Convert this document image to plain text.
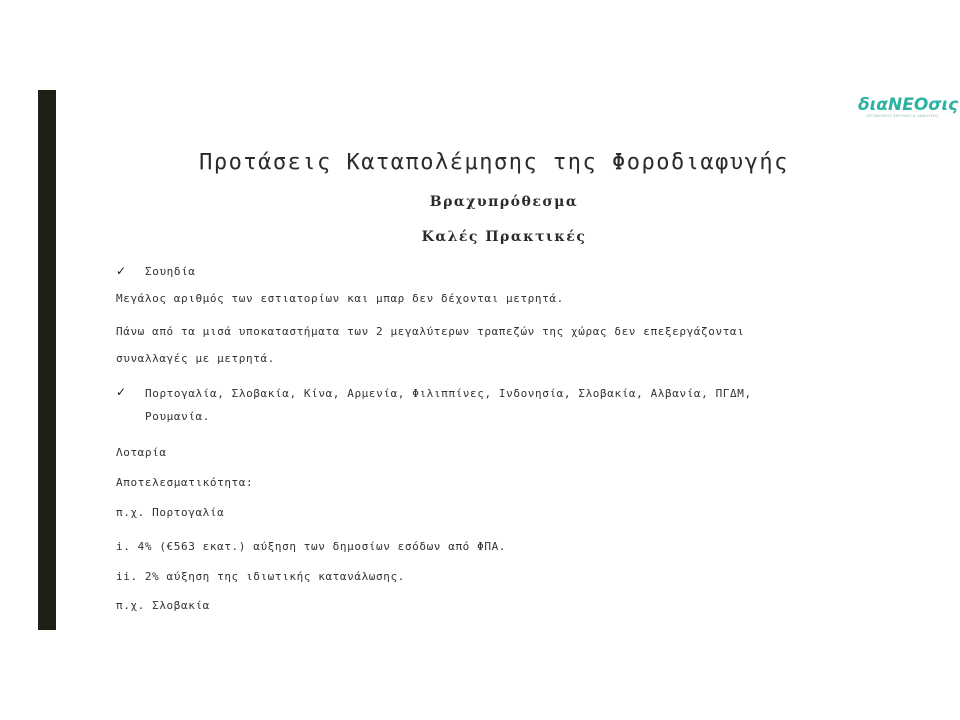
διαΝΕΟσις
ΟΡΓΑΝΙΣΜΟΣ ΕΡΕΥΝΑΣ & ΑΝΑΛΥΣΗΣ
Προτάσεις Καταπολέμησης της Φοροδιαφυγής
Βραχυπρόθεσμα
Καλές Πρακτικές
✓ Σουηδία
Μεγάλος αριθμός των εστιατορίων και μπαρ δεν δέχονται μετρητά.
Πάνω από τα μισά υποκαταστήματα των 2 μεγαλύτερων τραπεζών της χώρας δεν επεξεργάζονται
συναλλαγές με μετρητά.
✓ Πορτογαλία, Σλοβακία, Κίνα, Αρμενία, Φιλιππίνες, Ινδονησία, Σλοβακία, Αλβανία, ΠΓΔΜ,
Ρουμανία.
Λοταρία
Αποτελεσματικότητα:
π.χ. Πορτογαλία
i. 4% (€563 εκατ.) αύξηση των δημοσίων εσόδων από ΦΠΑ.
ii. 2% αύξηση της ιδιωτικής κατανάλωσης.
π.χ. Σλοβακία
